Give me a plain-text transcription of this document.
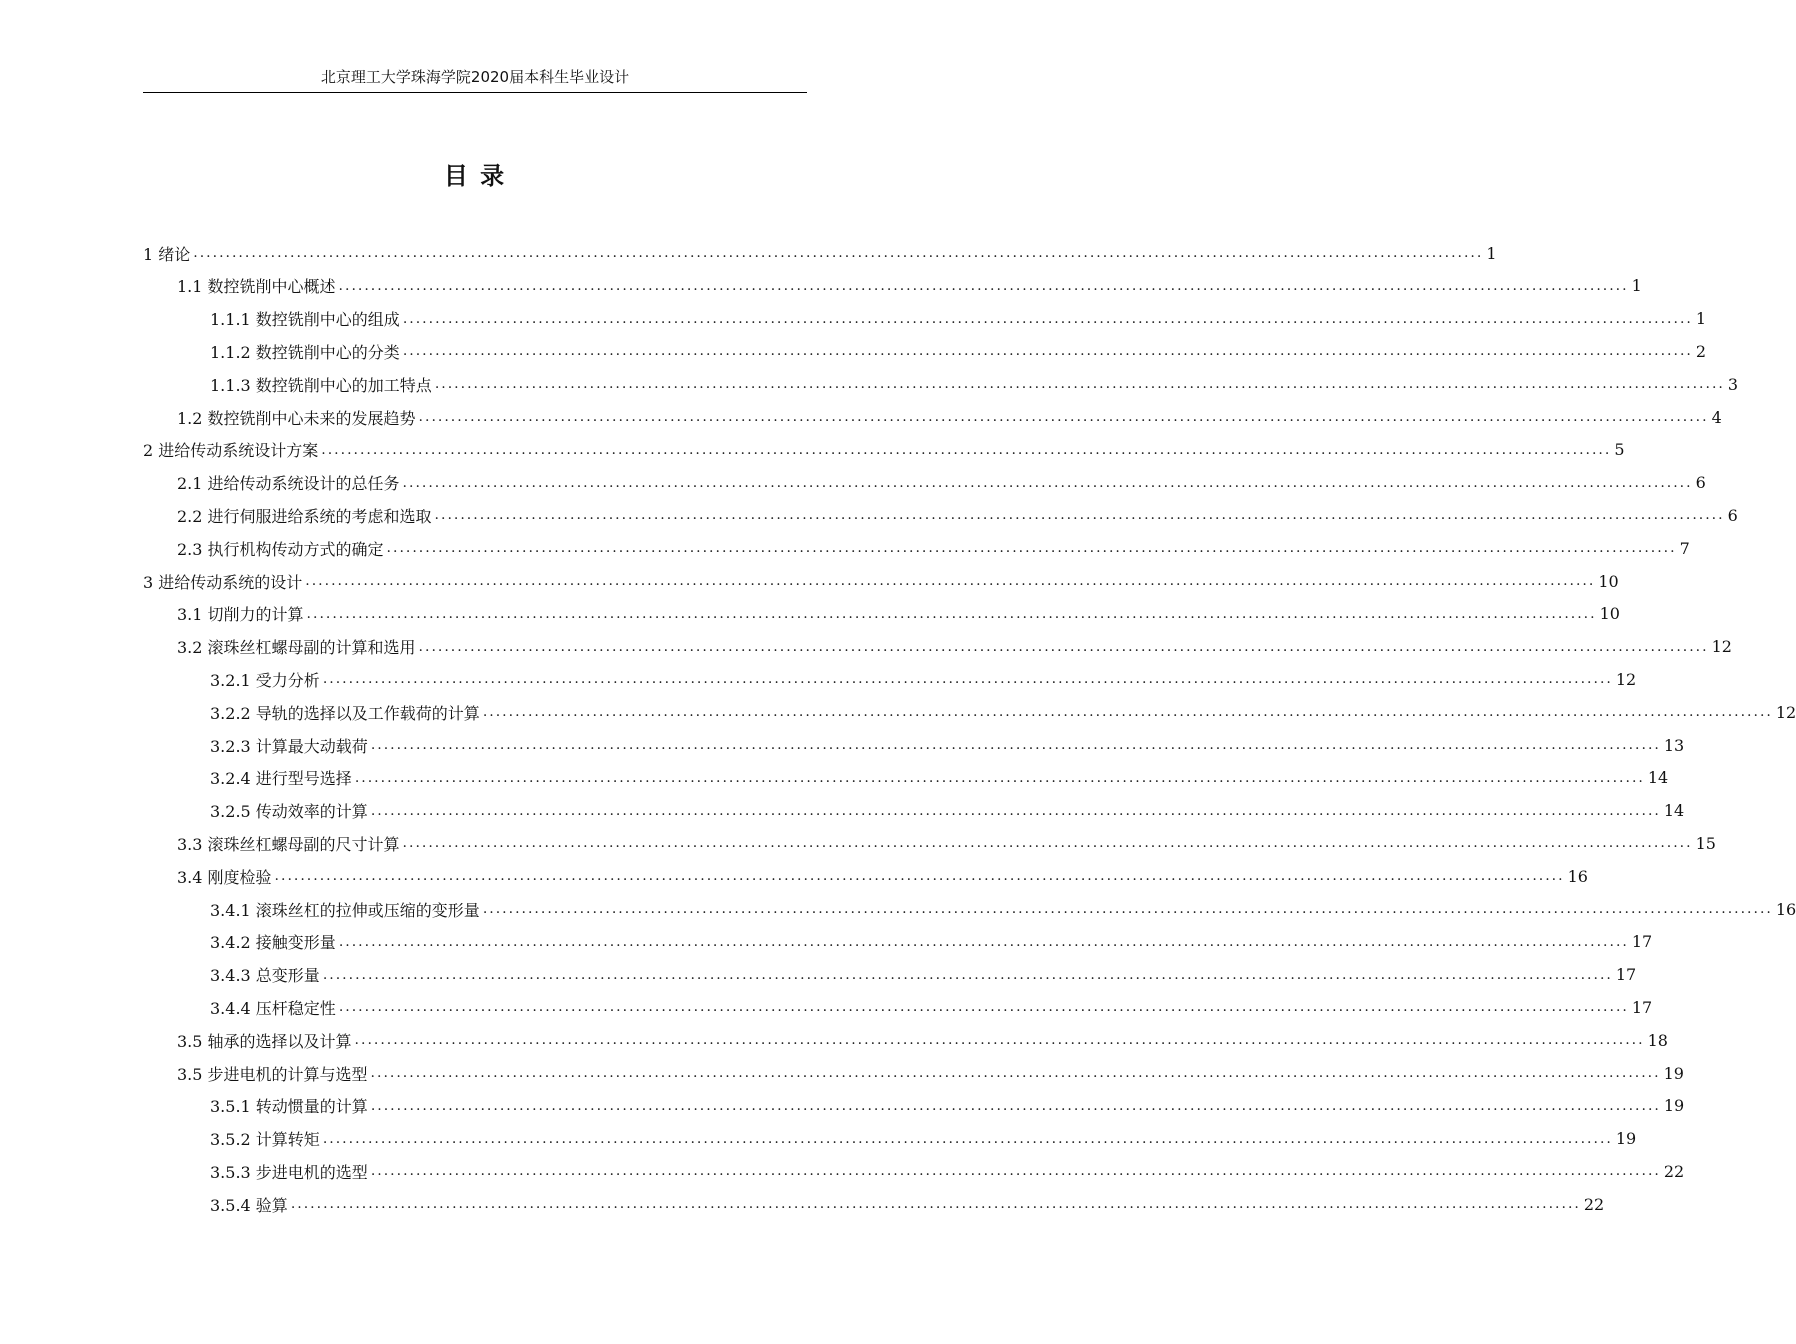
北京理工大学珠海学院2020届本科生毕业设计
目 录
1 绪论 ........................................................................................................................................................................................................ 1
1.1 数控铣削中心概述 ........................................................................................................................................................................................................ 1
1.1.1 数控铣削中心的组成 ........................................................................................................................................................................................................ 1
1.1.2 数控铣削中心的分类 ........................................................................................................................................................................................................ 2
1.1.3 数控铣削中心的加工特点 ........................................................................................................................................................................................................ 3
1.2 数控铣削中心未来的发展趋势 ........................................................................................................................................................................................................ 4
2 进给传动系统设计方案 ........................................................................................................................................................................................................ 5
2.1 进给传动系统设计的总任务 ........................................................................................................................................................................................................ 6
2.2 进行伺服进给系统的考虑和选取 ........................................................................................................................................................................................................ 6
2.3 执行机构传动方式的确定 ........................................................................................................................................................................................................ 7
3 进给传动系统的设计 ........................................................................................................................................................................................................ 10
3.1 切削力的计算 ........................................................................................................................................................................................................ 10
3.2 滚珠丝杠螺母副的计算和选用 ........................................................................................................................................................................................................ 12
3.2.1 受力分析 ........................................................................................................................................................................................................ 12
3.2.2 导轨的选择以及工作载荷的计算 ........................................................................................................................................................................................................ 12
3.2.3 计算最大动载荷 ........................................................................................................................................................................................................ 13
3.2.4 进行型号选择 ........................................................................................................................................................................................................ 14
3.2.5 传动效率的计算 ........................................................................................................................................................................................................ 14
3.3 滚珠丝杠螺母副的尺寸计算 ........................................................................................................................................................................................................ 15
3.4 刚度检验 ........................................................................................................................................................................................................ 16
3.4.1 滚珠丝杠的拉伸或压缩的变形量 ........................................................................................................................................................................................................ 16
3.4.2 接触变形量 ........................................................................................................................................................................................................ 17
3.4.3 总变形量 ........................................................................................................................................................................................................ 17
3.4.4 压杆稳定性 ........................................................................................................................................................................................................ 17
3.5 轴承的选择以及计算 ........................................................................................................................................................................................................ 18
3.5 步进电机的计算与选型 ........................................................................................................................................................................................................ 19
3.5.1 转动惯量的计算 ........................................................................................................................................................................................................ 19
3.5.2 计算转矩 ........................................................................................................................................................................................................ 19
3.5.3 步进电机的选型 ........................................................................................................................................................................................................ 22
3.5.4 验算 ........................................................................................................................................................................................................ 22
